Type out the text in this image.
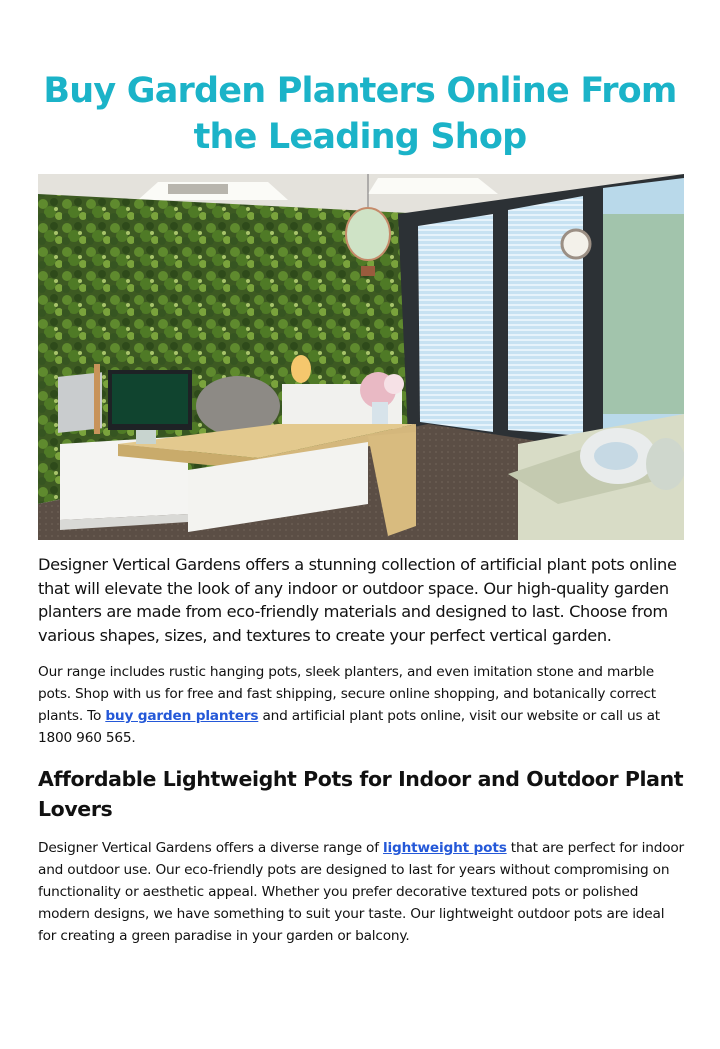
Buy Garden Planters Online From the Leading Shop

Designer Vertical Gardens offers a stunning collection of artificial plant pots online that will elevate the look of any indoor or outdoor space. Our high-quality garden planters are made from eco-friendly materials and designed to last. Choose from various shapes, sizes, and textures to create your perfect vertical garden.

Our range includes rustic hanging pots, sleek planters, and even imitation stone and marble pots. Shop with us for free and fast shipping, secure online shopping, and botanically correct plants. To buy garden planters and artificial plant pots online, visit our website or call us at 1800 960 565.

Affordable Lightweight Pots for Indoor and Outdoor Plant Lovers

Designer Vertical Gardens offers a diverse range of lightweight pots that are perfect for indoor and outdoor use. Our eco-friendly pots are designed to last for years without compromising on functionality or aesthetic appeal. Whether you prefer decorative textured pots or polished modern designs, we have something to suit your taste. Our lightweight outdoor pots are ideal for creating a green paradise in your garden or balcony.
